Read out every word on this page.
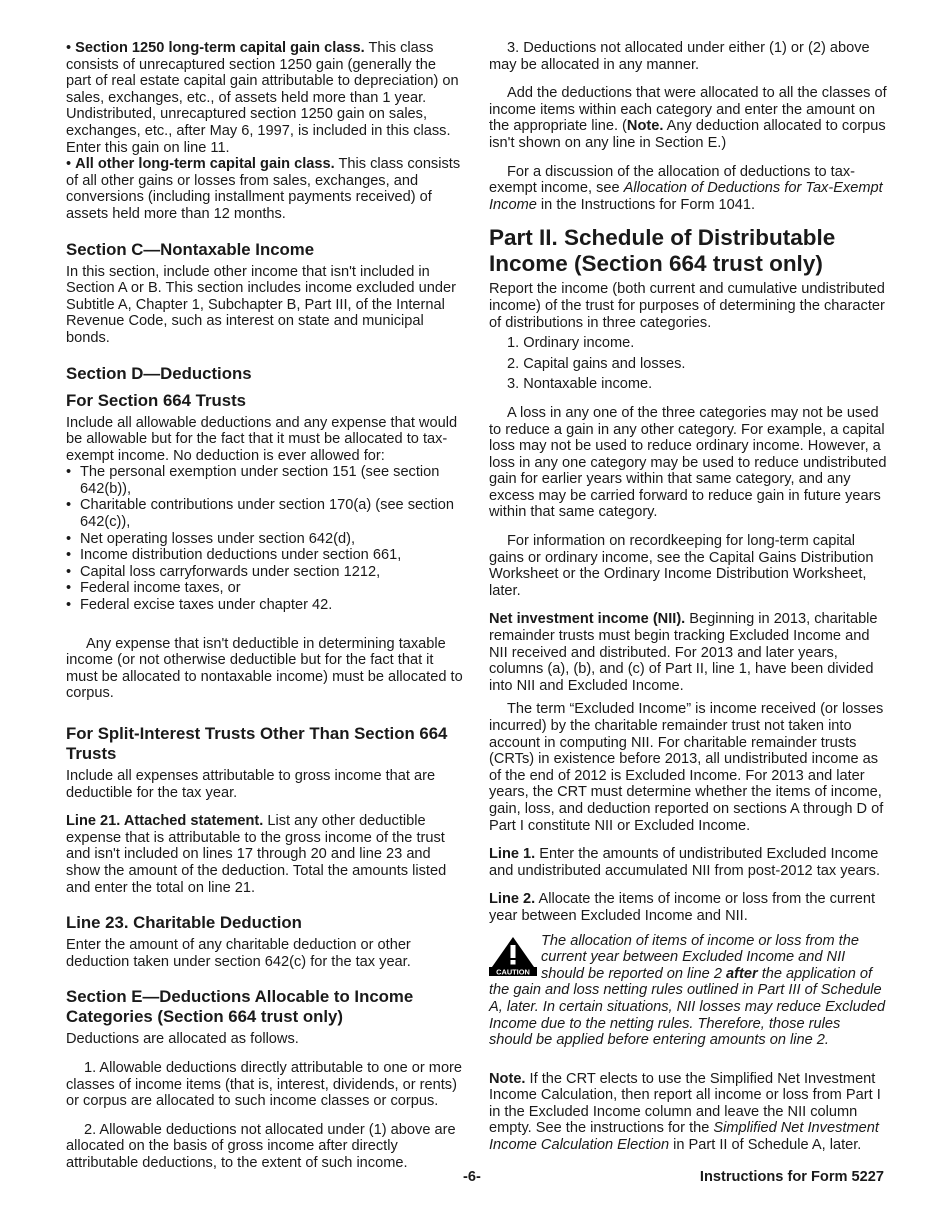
• Section 1250 long-term capital gain class. This class consists of unrecaptured section 1250 gain (generally the part of real estate capital gain attributable to depreciation) on sales, exchanges, etc., of assets held more than 1 year. Undistributed, unrecaptured section 1250 gain on sales, exchanges, etc., after May 6, 1997, is included in this class. Enter this gain on line 11.

• All other long-term capital gain class. This class consists of all other gains or losses from sales, exchanges, and conversions (including installment payments received) of assets held more than 12 months.

Section C—Nontaxable Income

In this section, include other income that isn't included in Section A or B. This section includes income excluded under Subtitle A, Chapter 1, Subchapter B, Part III, of the Internal Revenue Code, such as interest on state and municipal bonds.

Section D—Deductions
For Section 664 Trusts

Include all allowable deductions and any expense that would be allowable but for the fact that it must be allocated to tax-exempt income. No deduction is ever allowed for:

• The personal exemption under section 151 (see section 642(b)),
• Charitable contributions under section 170(a) (see section 642(c)),
• Net operating losses under section 642(d),
• Income distribution deductions under section 661,
• Capital loss carryforwards under section 1212,
• Federal income taxes, or
• Federal excise taxes under chapter 42.

Any expense that isn't deductible in determining taxable income (or not otherwise deductible but for the fact that it must be allocated to nontaxable income) must be allocated to corpus.

For Split-Interest Trusts Other Than Section 664 Trusts

Include all expenses attributable to gross income that are deductible for the tax year.

Line 21. Attached statement. List any other deductible expense that is attributable to the gross income of the trust and isn't included on lines 17 through 20 and line 23 and show the amount of the deduction. Total the amounts listed and enter the total on line 21.

Line 23. Charitable Deduction

Enter the amount of any charitable deduction or other deduction taken under section 642(c) for the tax year.

Section E—Deductions Allocable to Income Categories (Section 664 trust only)

Deductions are allocated as follows.

1. Allowable deductions directly attributable to one or more classes of income items (that is, interest, dividends, or rents) or corpus are allocated to such income classes or corpus.

2. Allowable deductions not allocated under (1) above are allocated on the basis of gross income after directly attributable deductions, to the extent of such income.

3. Deductions not allocated under either (1) or (2) above may be allocated in any manner.

Add the deductions that were allocated to all the classes of income items within each category and enter the amount on the appropriate line. (Note. Any deduction allocated to corpus isn't shown on any line in Section E.)

For a discussion of the allocation of deductions to tax-exempt income, see Allocation of Deductions for Tax-Exempt Income in the Instructions for Form 1041.

Part II. Schedule of Distributable Income (Section 664 trust only)

Report the income (both current and cumulative undistributed income) of the trust for purposes of determining the character of distributions in three categories.

1. Ordinary income.
2. Capital gains and losses.
3. Nontaxable income.

A loss in any one of the three categories may not be used to reduce a gain in any other category. For example, a capital loss may not be used to reduce ordinary income. However, a loss in any one category may be used to reduce undistributed gain for earlier years within that same category, and any excess may be carried forward to reduce gain in future years within that same category.

For information on recordkeeping for long-term capital gains or ordinary income, see the Capital Gains Distribution Worksheet or the Ordinary Income Distribution Worksheet, later.

Net investment income (NII). Beginning in 2013, charitable remainder trusts must begin tracking Excluded Income and NII received and distributed. For 2013 and later years, columns (a), (b), and (c) of Part II, line 1, have been divided into NII and Excluded Income.

The term “Excluded Income” is income received (or losses incurred) by the charitable remainder trust not taken into account in computing NII. For charitable remainder trusts (CRTs) in existence before 2013, all undistributed income as of the end of 2012 is Excluded Income. For 2013 and later years, the CRT must determine whether the items of income, gain, loss, and deduction reported on sections A through D of Part I constitute NII or Excluded Income.

Line 1. Enter the amounts of undistributed Excluded Income and undistributed accumulated NII from post-2012 tax years.

Line 2. Allocate the items of income or loss from the current year between Excluded Income and NII.

CAUTION

The allocation of items of income or loss from the current year between Excluded Income and NII should be reported on line 2 after the application of the gain and loss netting rules outlined in Part III of Schedule A, later. In certain situations, NII losses may reduce Excluded Income due to the netting rules. Therefore, those rules should be applied before entering amounts on line 2.

Note. If the CRT elects to use the Simplified Net Investment Income Calculation, then report all income or loss from Part I in the Excluded Income column and leave the NII column empty. See the instructions for the Simplified Net Investment Income Calculation Election in Part II of Schedule A, later.

-6-	Instructions for Form 5227
